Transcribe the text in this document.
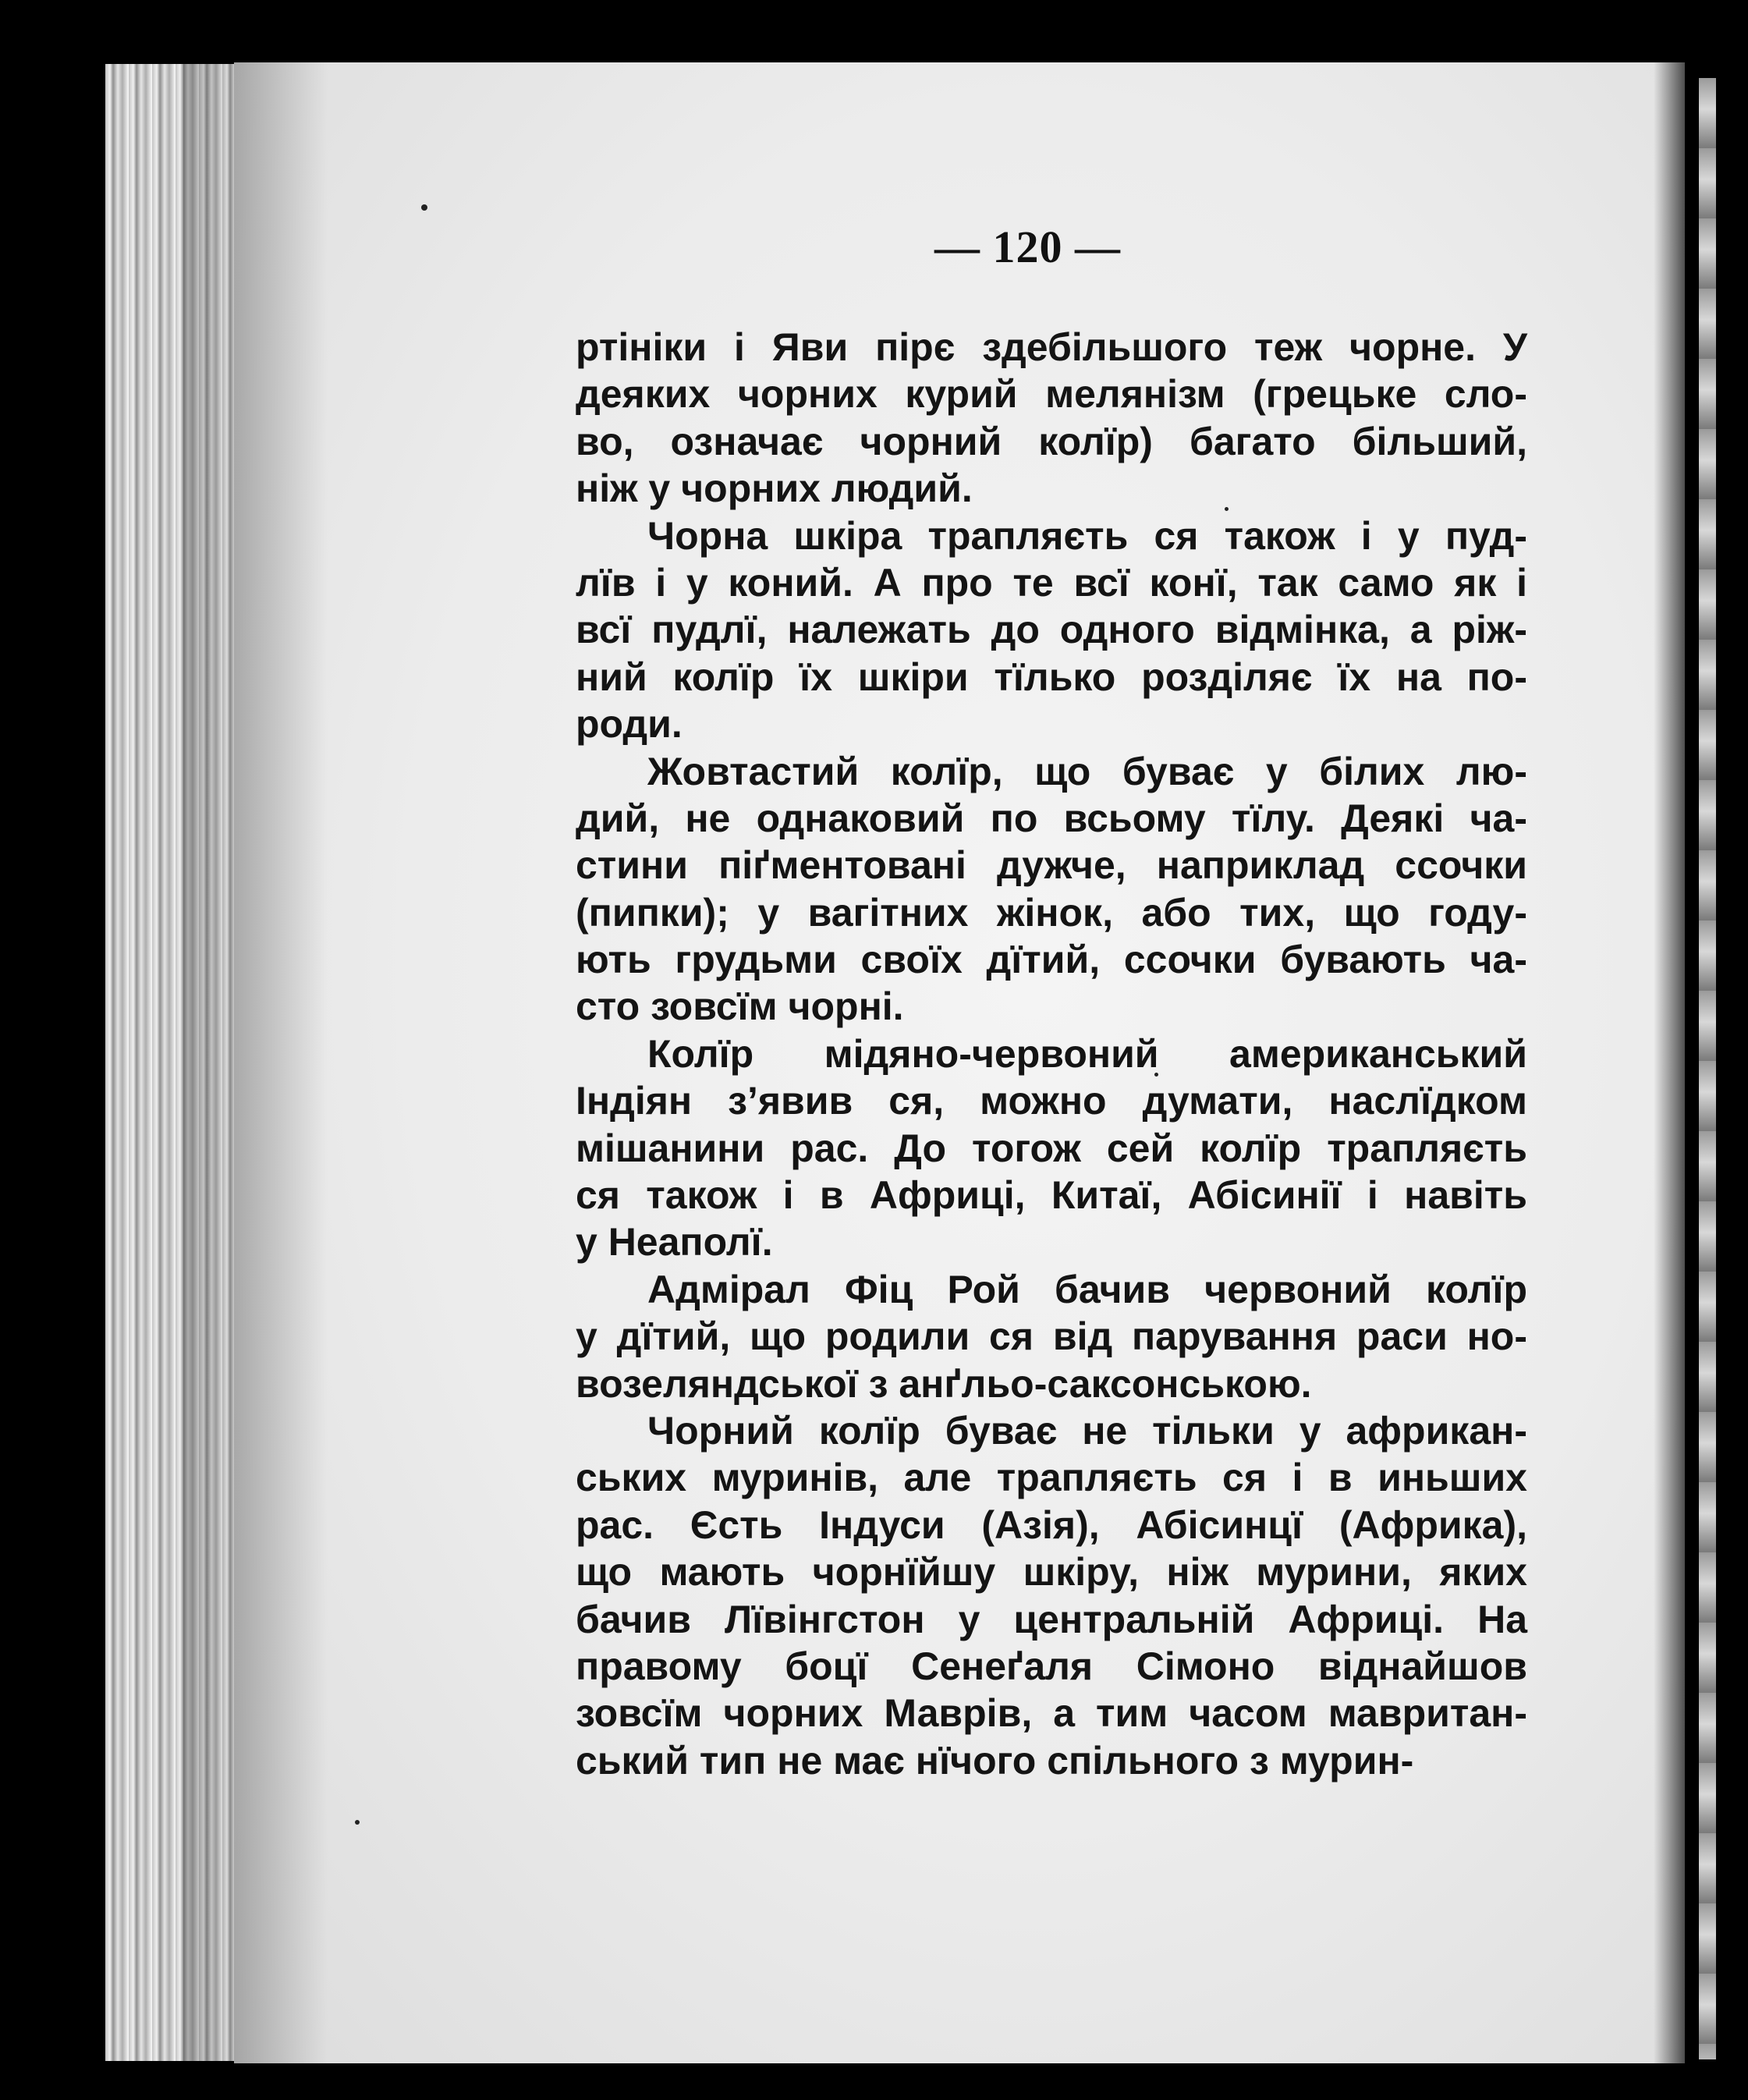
— 120 —
ртініки і Яви пірє здебільшого теж чорне. У
деяких чорних курий мелянізм (грецьке сло-
во, означає чорний колїр) багато більший,
ніж у чорних людий.
Чорна шкіра трапляєть ся також і у пуд-
лїв і у коний. А про те всї конї, так само як і
всї пудлї, належать до одного відмінка, а ріж-
ний колїр їх шкіри тїлько розділяє їх на по-
роди.
Жовтастий колїр, що буває у білих лю-
дий, не однаковий по всьому тїлу. Деякі ча-
стини піґментовані дужче, наприклад ссочки
(пипки); у вагітних жінок, або тих, що году-
ють грудьми своїх дїтий, ссочки бувають ча-
сто зовсїм чорні.
Колїр мідяно-червоний американський
Індіян з’явив ся, можно думати, наслїдком
мішанини рас. До тогож сей колїр трапляєть
ся також і в Африці, Китаї, Абісинії і навіть
у Неаполї.
Адмірал Фіц Рой бачив червоний колїр
у дїтий, що родили ся від парування раси но-
возеляндської з анґльо-саксонською.
Чорний колїр буває не тільки у африкан-
ських муринів, але трапляєть ся і в иньших
рас. Єсть Індуси (Азія), Абісинцї (Африка),
що мають чорнїйшу шкіру, ніж мурини, яких
бачив Лївінгстон у центральній Африці. На
правому боцї Сенеґаля Сімоно віднайшов
зовсїм чорних Маврів, а тим часом мавритан-
ський тип не має нїчого спільного з мурин-
